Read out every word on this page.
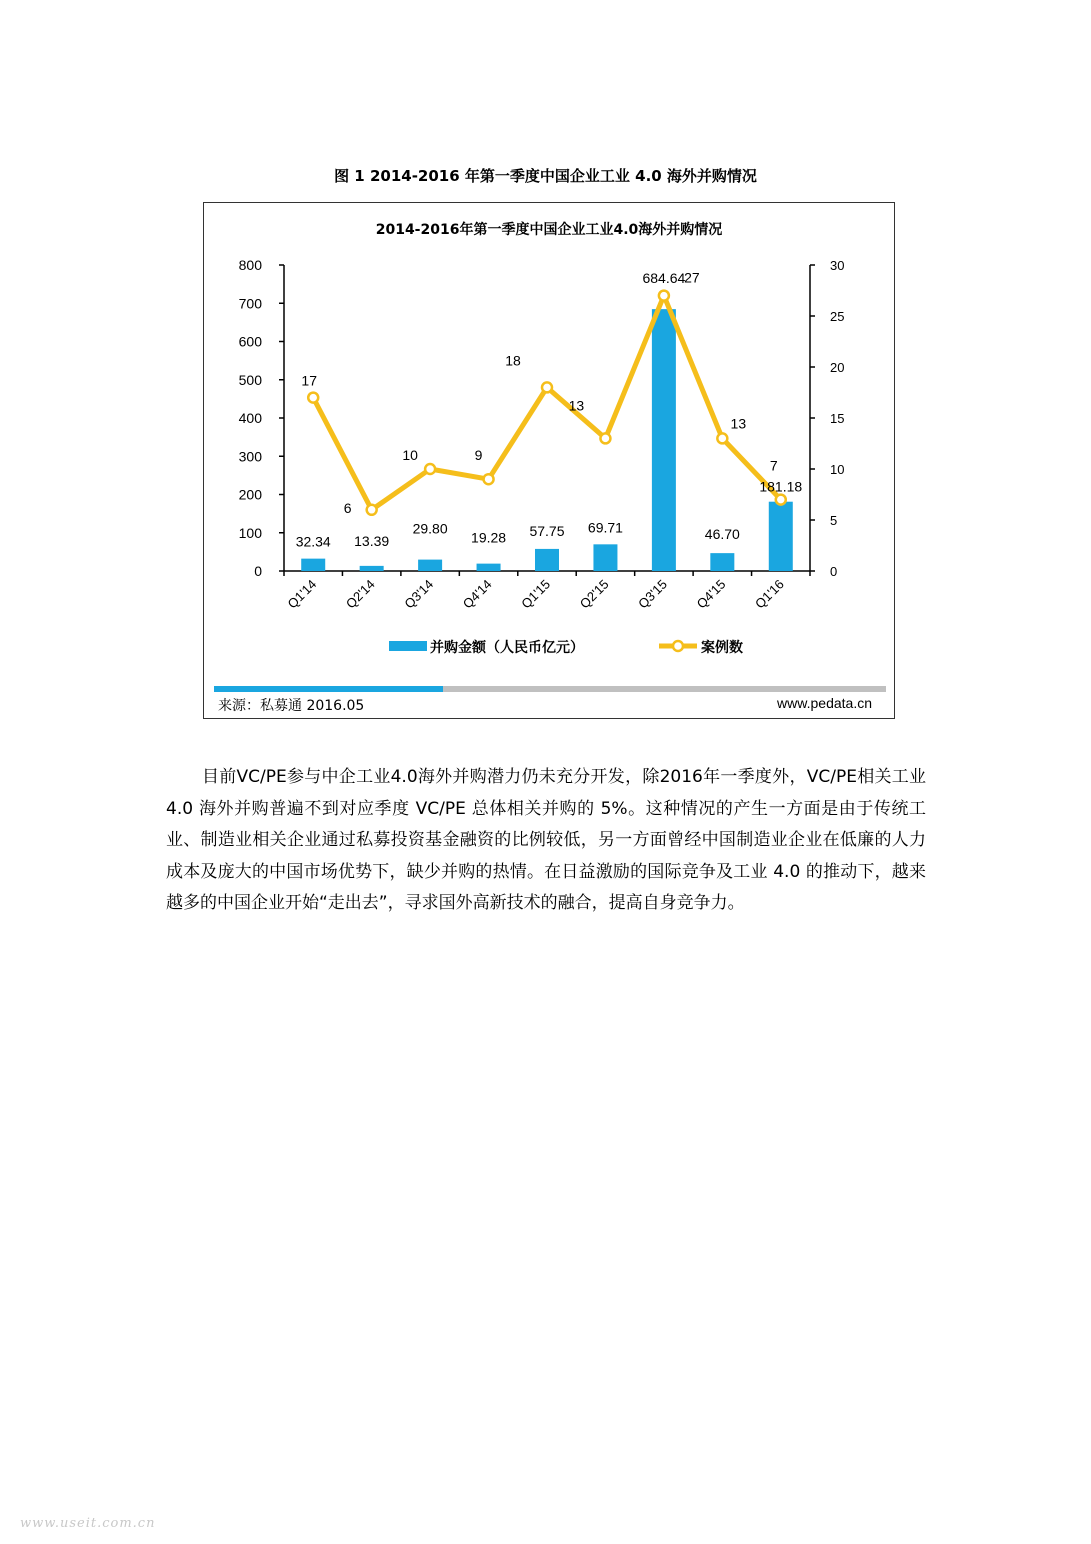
图 1 2014-2016 年第一季度中国企业工业 4.0 海外并购情况
2014-2016年第一季度中国企业工业4.0海外并购情况
0
100
200
300
400
500
600
700
800
0
5
10
15
20
25
30
Q1'14 Q2'14 Q3'14 Q4'14 Q1'15 Q2'15 Q3'15 Q4'15 Q1'16
32.34 13.39
29.80
19.28 57.75 69.71
684.64
46.70
181.18
17
6
10	9
18
13
27
13
7
并购金额（人民币亿元）	案例数
来源：私募通 2016.05	www.pedata.cn

目前VC/PE参与中企工业4.0海外并购潜力仍未充分开发，除2016年一季度外，VC/PE相关工业 4.0 海外并购普遍不到对应季度 VC/PE 总体相关并购的 5%。这种情况的产生一方面是由于传统工业、制造业相关企业通过私募投资基金融资的比例较低，另一方面曾经中国制造业企业在低廉的人力成本及庞大的中国市场优势下，缺少并购的热情。在日益激励的国际竞争及工业 4.0 的推动下，越来越多的中国企业开始“走出去”，寻求国外高新技术的融合，提高自身竞争力。

www.useit.com.cn
